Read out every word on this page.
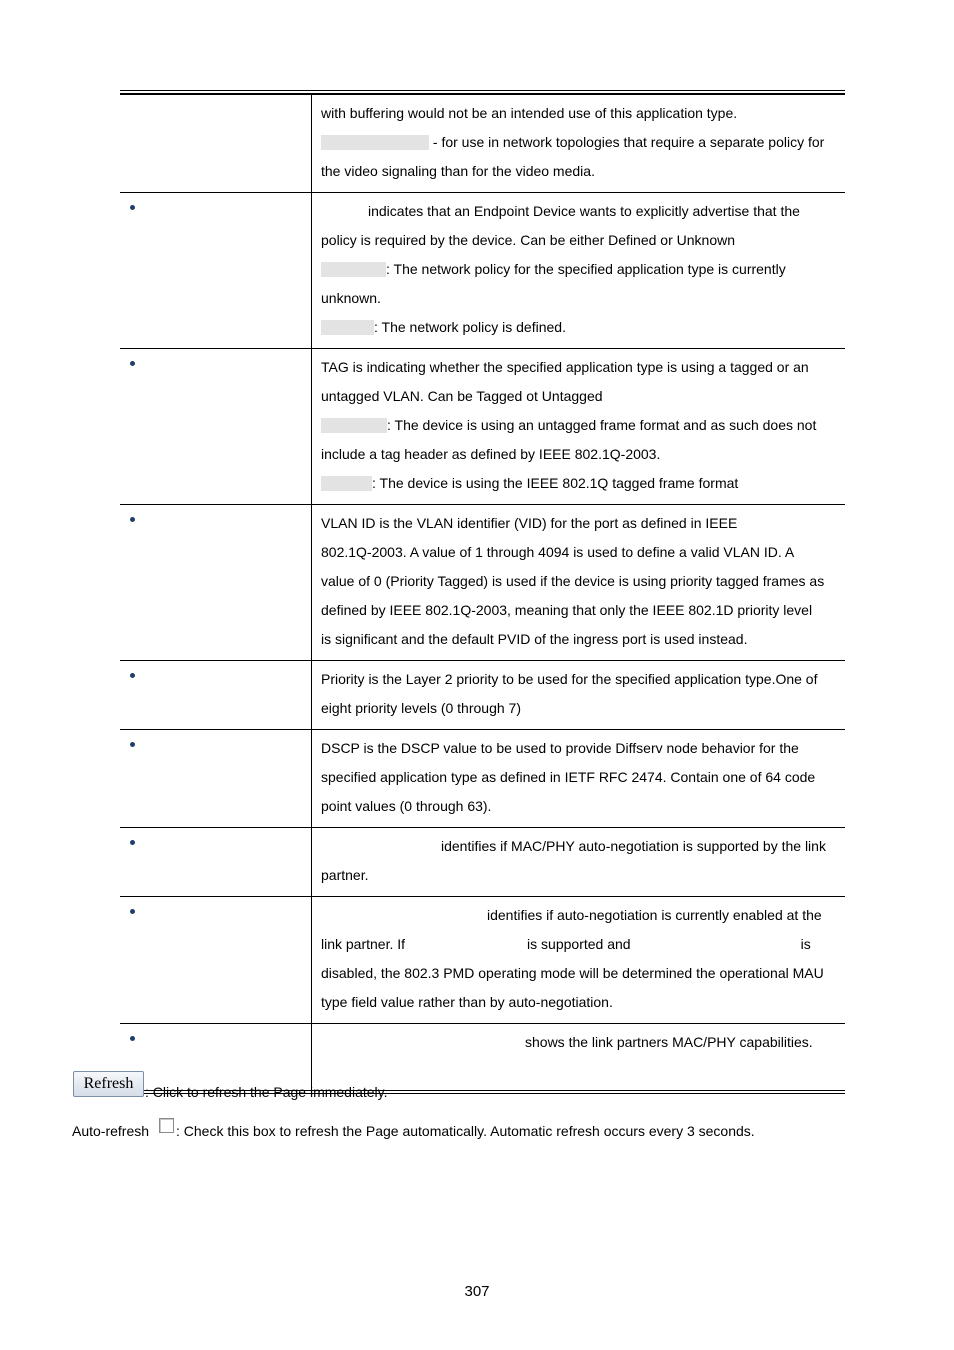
with buffering would not be an intended use of this application type.
- for use in network topologies that require a separate policy for
the video signaling than for the video media.
indicates that an Endpoint Device wants to explicitly advertise that the
policy is required by the device. Can be either Defined or Unknown
: The network policy for the specified application type is currently
unknown.
: The network policy is defined.
TAG is indicating whether the specified application type is using a tagged or an
untagged VLAN. Can be Tagged ot Untagged
: The device is using an untagged frame format and as such does not
include a tag header as defined by IEEE 802.1Q-2003.
: The device is using the IEEE 802.1Q tagged frame format
VLAN ID is the VLAN identifier (VID) for the port as defined in IEEE
802.1Q-2003. A value of 1 through 4094 is used to define a valid VLAN ID. A
value of 0 (Priority Tagged) is used if the device is using priority tagged frames as
defined by IEEE 802.1Q-2003, meaning that only the IEEE 802.1D priority level
is significant and the default PVID of the ingress port is used instead.
Priority is the Layer 2 priority to be used for the specified application type.One of
eight priority levels (0 through 7)
DSCP is the DSCP value to be used to provide Diffserv node behavior for the
specified application type as defined in IETF RFC 2474. Contain one of 64 code
point values (0 through 63).
identifies if MAC/PHY auto-negotiation is supported by the link
partner.
identifies if auto-negotiation is currently enabled at the
link partner. If	is supported and	is
disabled, the 802.3 PMD operating mode will be determined the operational MAU
type field value rather than by auto-negotiation.
shows the link partners MAC/PHY capabilities.
Refresh : Click to refresh the Page immediately.
Auto-refresh : Check this box to refresh the Page automatically. Automatic refresh occurs every 3 seconds.
307
